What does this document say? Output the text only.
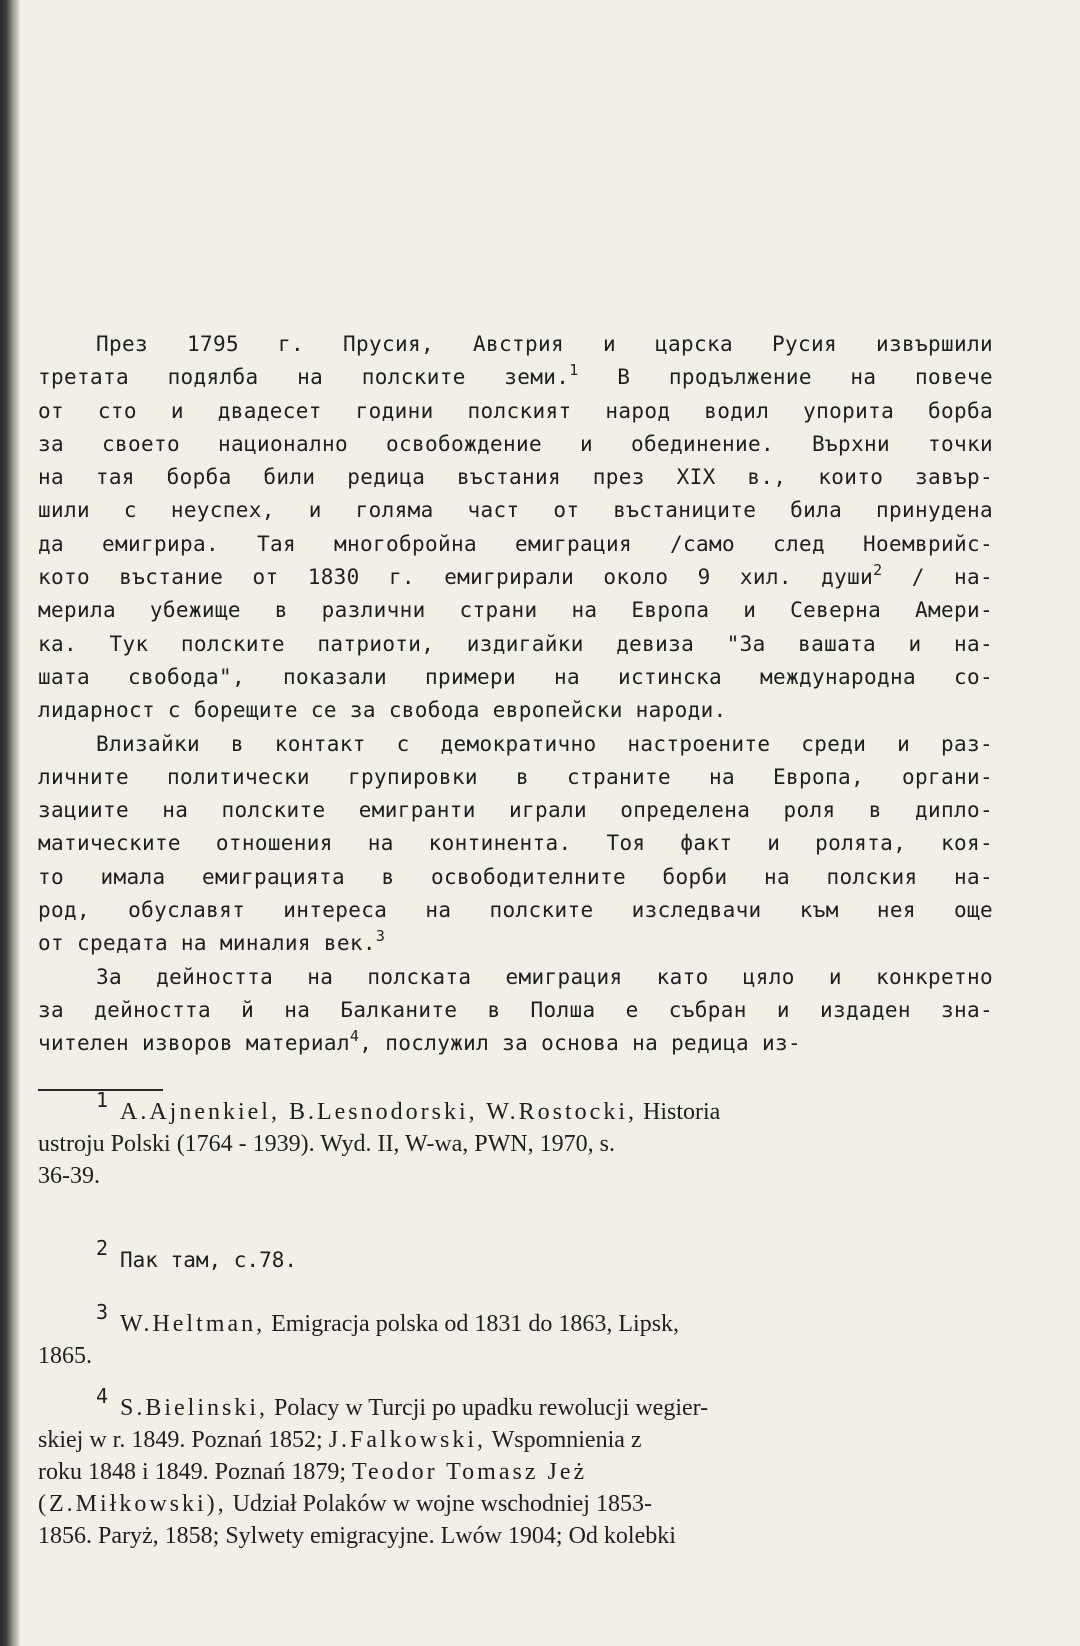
През 1795 г. Прусия, Австрия и царска Русия извършили
третата подялба на полските земи.$^1$ В продължение на повече
от сто и двадесет години полският народ водил упорита борба
за своето национално освобождение и обединение. Върхни точки
на тая борба били редица въстания през XIX в., които завър-
шили с неуспех, и голяма част от въстаниците била принудена
да емигрира. Тая многобройна емиграция /само след Ноемврийс-
кото въстание от 1830 г. емигрирали около 9 хил. души$^2$ / на-
мерила убежище в различни страни на Европа и Северна Амери-
ка. Тук полските патриоти, издигайки девиза "За вашата и на-
шата свобода", показали примери на истинска международна со-
лидарност с борещите се за свобода европейски народи.
Влизайки в контакт с демократично настроените среди и раз-
личните политически групировки в страните на Европа, органи-
зациите на полските емигранти играли определена роля в дипло-
матическите отношения на континента. Тоя факт и ролята, коя-
то имала емиграцията в освободителните борби на полския на-
род, обуславят интереса на полските изследвачи към нея още
от средата на миналия век.$^3$
За дейността на полската емиграция като цяло и конкретно
за дейността й на Балканите в Полша е събран и издаден зна-
чителен изворов материал$^4$, послужил за основа на редица из-
1 A.Ajnenkiel, B.Lesnodorski, W.Rostocki, Historia
ustroju Polski (1764 - 1939). Wyd. II, W-wa, PWN, 1970, s.
36-39.
2 Пак там, с.78.
3 W.Heltman, Emigracja polska od 1831 do 1863, Lipsk,
1865.
4 S.Bielinski, Polacy w Turcji po upadku rewolucji wegier-
skiej w r. 1849. Poznań 1852; J.Falkowski, Wspomnienia z
roku 1848 i 1849. Poznań 1879; Teodor Tomasz Jeż
(Z.Miłkowski), Udział Polaków w wojne wschodniej 1853-
1856. Paryż, 1858; Sylwety emigracyjne. Lwów 1904; Od kolebki
